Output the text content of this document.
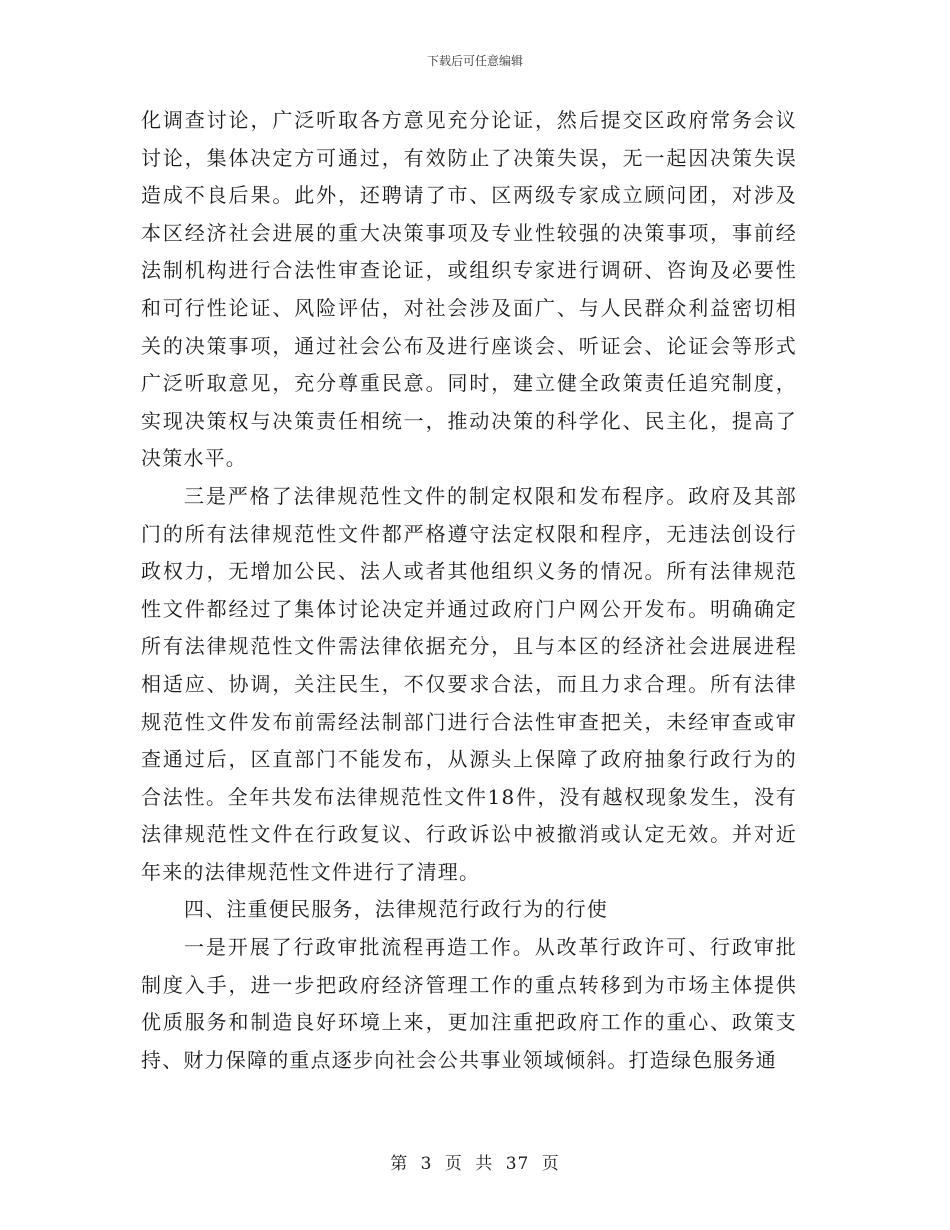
下载后可任意编辑

化调查讨论，广泛听取各方意见充分论证，然后提交区政府常务会议讨论，集体决定方可通过，有效防止了决策失误，无一起因决策失误造成不良后果。此外，还聘请了市、区两级专家成立顾问团，对涉及本区经济社会进展的重大决策事项及专业性较强的决策事项，事前经法制机构进行合法性审查论证，或组织专家进行调研、咨询及必要性和可行性论证、风险评估，对社会涉及面广、与人民群众利益密切相关的决策事项，通过社会公布及进行座谈会、听证会、论证会等形式广泛听取意见，充分尊重民意。同时，建立健全政策责任追究制度，实现决策权与决策责任相统一，推动决策的科学化、民主化，提高了决策水平。

三是严格了法律规范性文件的制定权限和发布程序。政府及其部门的所有法律规范性文件都严格遵守法定权限和程序，无违法创设行政权力，无增加公民、法人或者其他组织义务的情况。所有法律规范性文件都经过了集体讨论决定并通过政府门户网公开发布。明确确定所有法律规范性文件需法律依据充分，且与本区的经济社会进展进程相适应、协调，关注民生，不仅要求合法，而且力求合理。所有法律规范性文件发布前需经法制部门进行合法性审查把关，未经审查或审查通过后，区直部门不能发布，从源头上保障了政府抽象行政行为的合法性。全年共发布法律规范性文件18件，没有越权现象发生，没有法律规范性文件在行政复议、行政诉讼中被撤消或认定无效。并对近年来的法律规范性文件进行了清理。

四、注重便民服务，法律规范行政行为的行使

一是开展了行政审批流程再造工作。从改革行政许可、行政审批制度入手，进一步把政府经济管理工作的重点转移到为市场主体提供优质服务和制造良好环境上来，更加注重把政府工作的重心、政策支持、财力保障的重点逐步向社会公共事业领域倾斜。打造绿色服务通

第 3 页 共 37 页
